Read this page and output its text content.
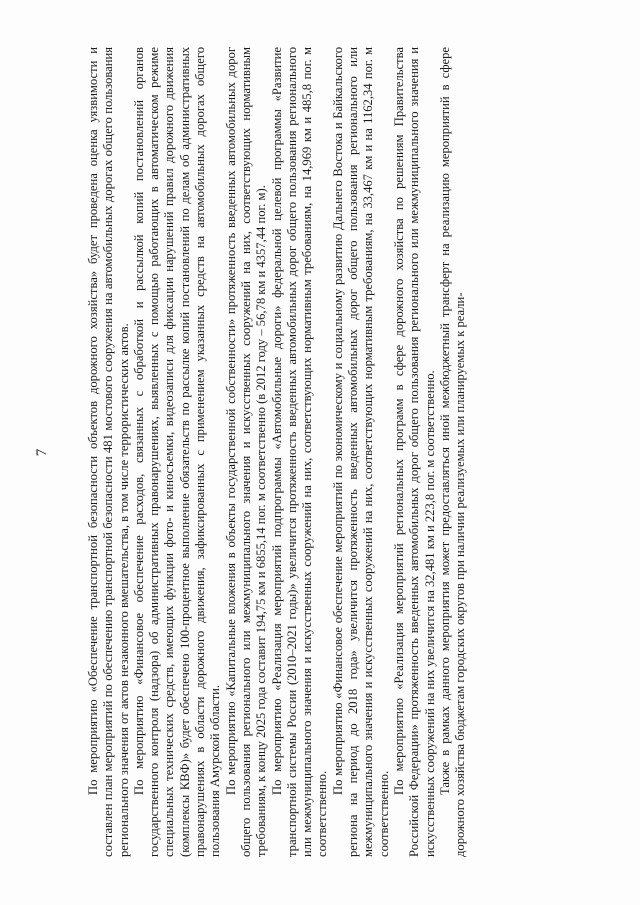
7	По мероприятию «Обеспечение транспортной безопасности объектов дорожного хозяйства» будет проведена оценка уязвимости и составлен план мероприятий по обеспечению транспортной безопасности 481 мостового сооружения на автомобильных дорогах общего пользования регионального значения от актов незаконного вмешательства, в том числе террористических актов. По мероприятию «Финансовое обеспечение расходов, связанных с обработкой и рассылкой копий постановлений органов государственного контроля (надзора) об административных правонарушениях, выявленных с помощью работающих в автоматическом режиме специальных технических средств, имеющих функции фото- и киносъемки, видеозаписи для фиксации нарушений правил дорожного движения (комплексы КВФ)» будет обеспечено 100-процентное выполнение обязательств по рассылке копий постановлений по делам об административных правонарушениях в области дорожного движения, зафиксированных с применением указанных средств на автомобильных дорогах общего пользования Амурской области. По мероприятию «Капитальные вложения в объекты государственной собственности» протяженность введенных автомобильных дорог общего пользования регионального или межмуниципального значения и искусственных сооружений на них, соответствующих нормативным требованиям, к концу 2025 года составит 194,75 км и 6855,14 пог. м соответственно (в 2012 году – 56,78 км и 4357,44 пог. м). По мероприятию «Реализация мероприятий подпрограммы «Автомобильные дороги» федеральной целевой программы «Развитие транспортной системы России (2010–2021 годы)» увеличится протяженность введенных автомобильных дорог общего пользования регионального или межмуниципального значения и искусственных сооружений на них, соответствующих нормативным требованиям, на 14,969 км и 485,8 пог. м соответственно.

По мероприятию «Финансовое обеспечение мероприятий по экономическому и социальному развитию Дальнего Востока и Байкальского региона на период до 2018 года» увеличится протяженность введенных автомобильных дорог общего пользования регионального или межмуниципального значения и искусственных сооружений на них, соответствующих нормативным требованиям, на 33,467 км и на 1162,34 пог. м соответственно.

По мероприятию «Реализация мероприятий региональных программ в сфере дорожного хозяйства по решениям Правительства Российской Федерации» протяженность введенных автомобильных дорог общего пользования регионального или межмуниципального значения и искусственных сооружений на них увеличится на 32,481 км и 223,8 пог. м соответственно. Также в рамках данного мероприятия может предоставляться иной межбюджетный трансферт на реализацию мероприятий в сфере дорожного хозяйства бюджетам городских округов при наличии реализуемых или планируемых к реали-
